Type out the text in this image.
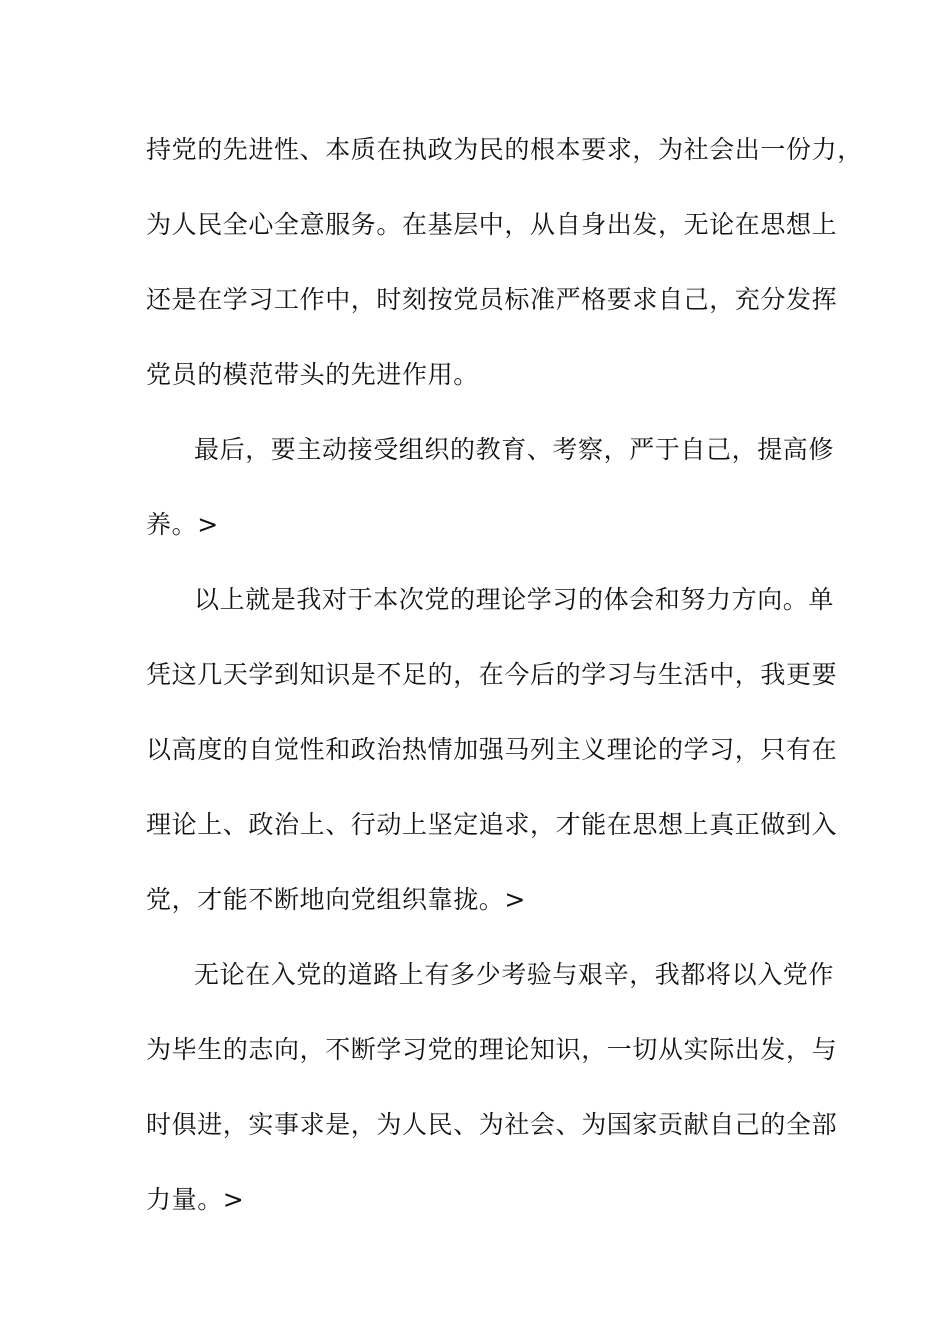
持党的先进性、本质在执政为民的根本要求，为社会出一份力，
为人民全心全意服务。在基层中，从自身出发，无论在思想上
还是在学习工作中，时刻按党员标准严格要求自己，充分发挥
党员的模范带头的先进作用。
最后，要主动接受组织的教育、考察，严于自己，提高修
养。>
以上就是我对于本次党的理论学习的体会和努力方向。单
凭这几天学到知识是不足的，在今后的学习与生活中，我更要
以高度的自觉性和政治热情加强马列主义理论的学习，只有在
理论上、政治上、行动上坚定追求，才能在思想上真正做到入
党，才能不断地向党组织靠拢。>
无论在入党的道路上有多少考验与艰辛，我都将以入党作
为毕生的志向，不断学习党的理论知识，一切从实际出发，与
时俱进，实事求是，为人民、为社会、为国家贡献自己的全部
力量。>
